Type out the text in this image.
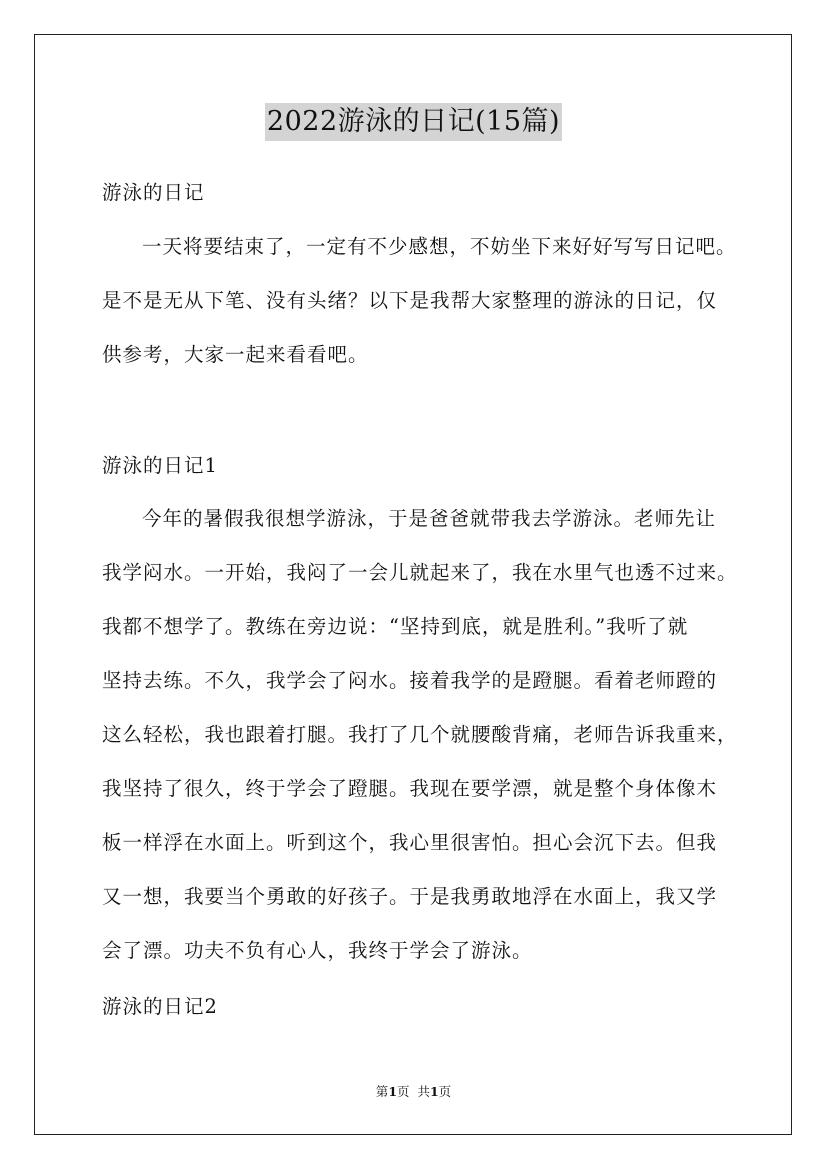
2022游泳的日记(15篇)
游泳的日记

一天将要结束了，一定有不少感想，不妨坐下来好好写写日记吧。
是不是无从下笔、没有头绪？以下是我帮大家整理的游泳的日记，仅
供参考，大家一起来看看吧。

游泳的日记1

今年的暑假我很想学游泳，于是爸爸就带我去学游泳。老师先让
我学闷水。一开始，我闷了一会儿就起来了，我在水里气也透不过来。
我都不想学了。教练在旁边说：“坚持到底，就是胜利。”我听了就
坚持去练。不久，我学会了闷水。接着我学的是蹬腿。看着老师蹬的
这么轻松，我也跟着打腿。我打了几个就腰酸背痛，老师告诉我重来，
我坚持了很久，终于学会了蹬腿。我现在要学漂，就是整个身体像木
板一样浮在水面上。听到这个，我心里很害怕。担心会沉下去。但我
又一想，我要当个勇敢的好孩子。于是我勇敢地浮在水面上，我又学
会了漂。功夫不负有心人，我终于学会了游泳。

游泳的日记2
第1页  共1页
